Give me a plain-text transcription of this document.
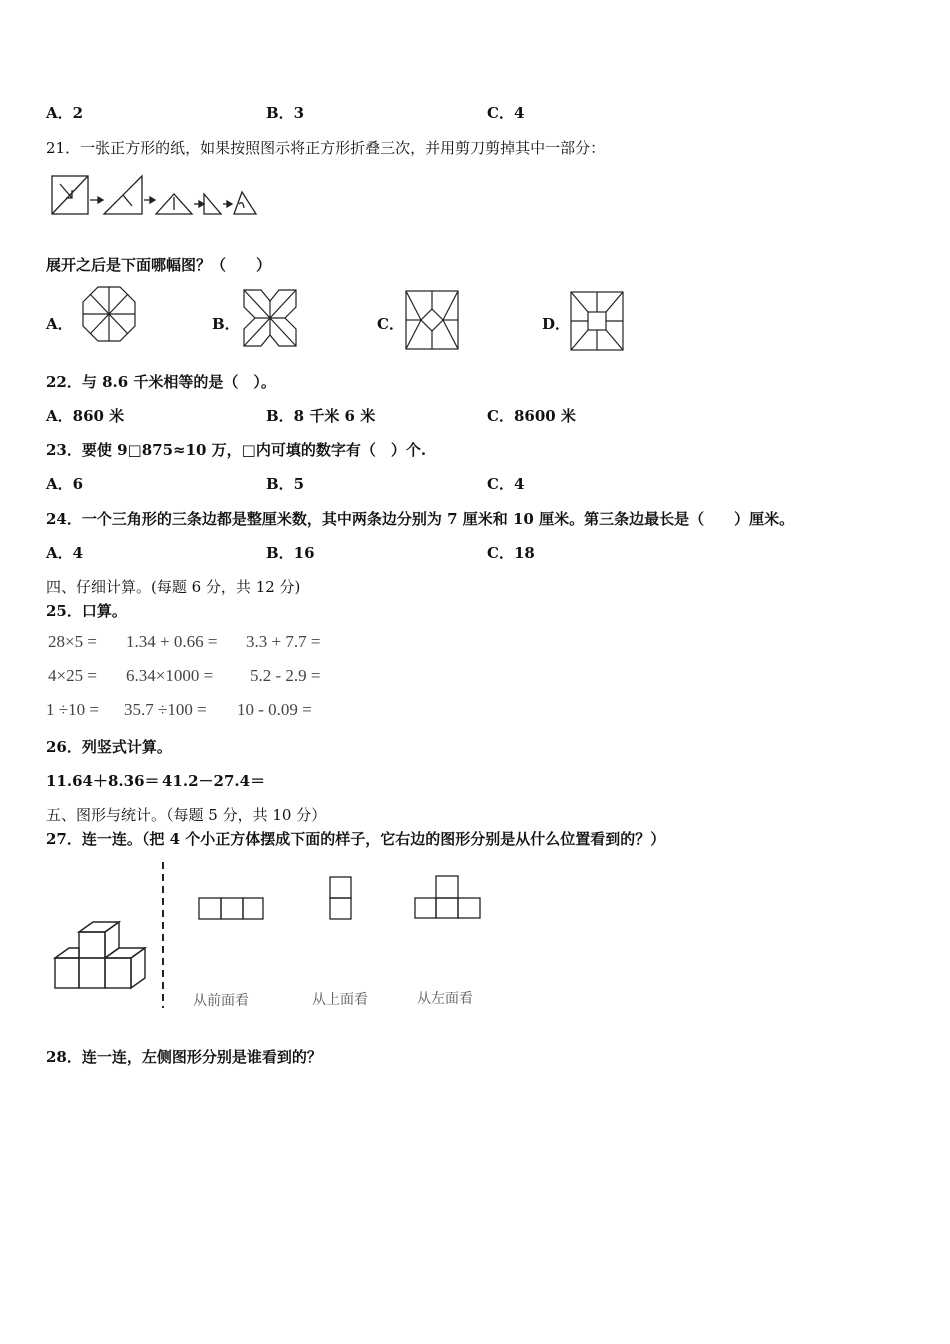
A．2	B．3	C．4
21．一张正方形的纸，如果按照图示将正方形折叠三次，并用剪刀剪掉其中一部分：
展开之后是下面哪幅图？（　　）
A．	B．	C．	D．
22．与 8.6 千米相等的是（　）。
A．860 米	B．8 千米 6 米	C．8600 米
23．要使 9□875≈10 万，□内可填的数字有（　）个.
A．6	B．5	C．4
24．一个三角形的三条边都是整厘米数，其中两条边分别为 7 厘米和 10 厘米。第三条边最长是（　　）厘米。
A．4	B．16	C．18
四、仔细计算。(每题 6 分，共 12 分)
25．口算。
28×5 = 1.34 + 0.66 = 3.3 + 7.7 =
4×25 = 6.34×1000 = 5.2 - 2.9 =
1 ÷10 = 35.7 ÷100 = 10 - 0.09 =
26．列竖式计算。
11.64＋8.36＝ 41.2－27.4＝
五、图形与统计。（每题 5 分，共 10 分）
27．连一连。（把 4 个小正方体摆成下面的样子，它右边的图形分别是从什么位置看到的？）
从前面看	从上面看	从左面看
28．连一连，左侧图形分别是谁看到的？
